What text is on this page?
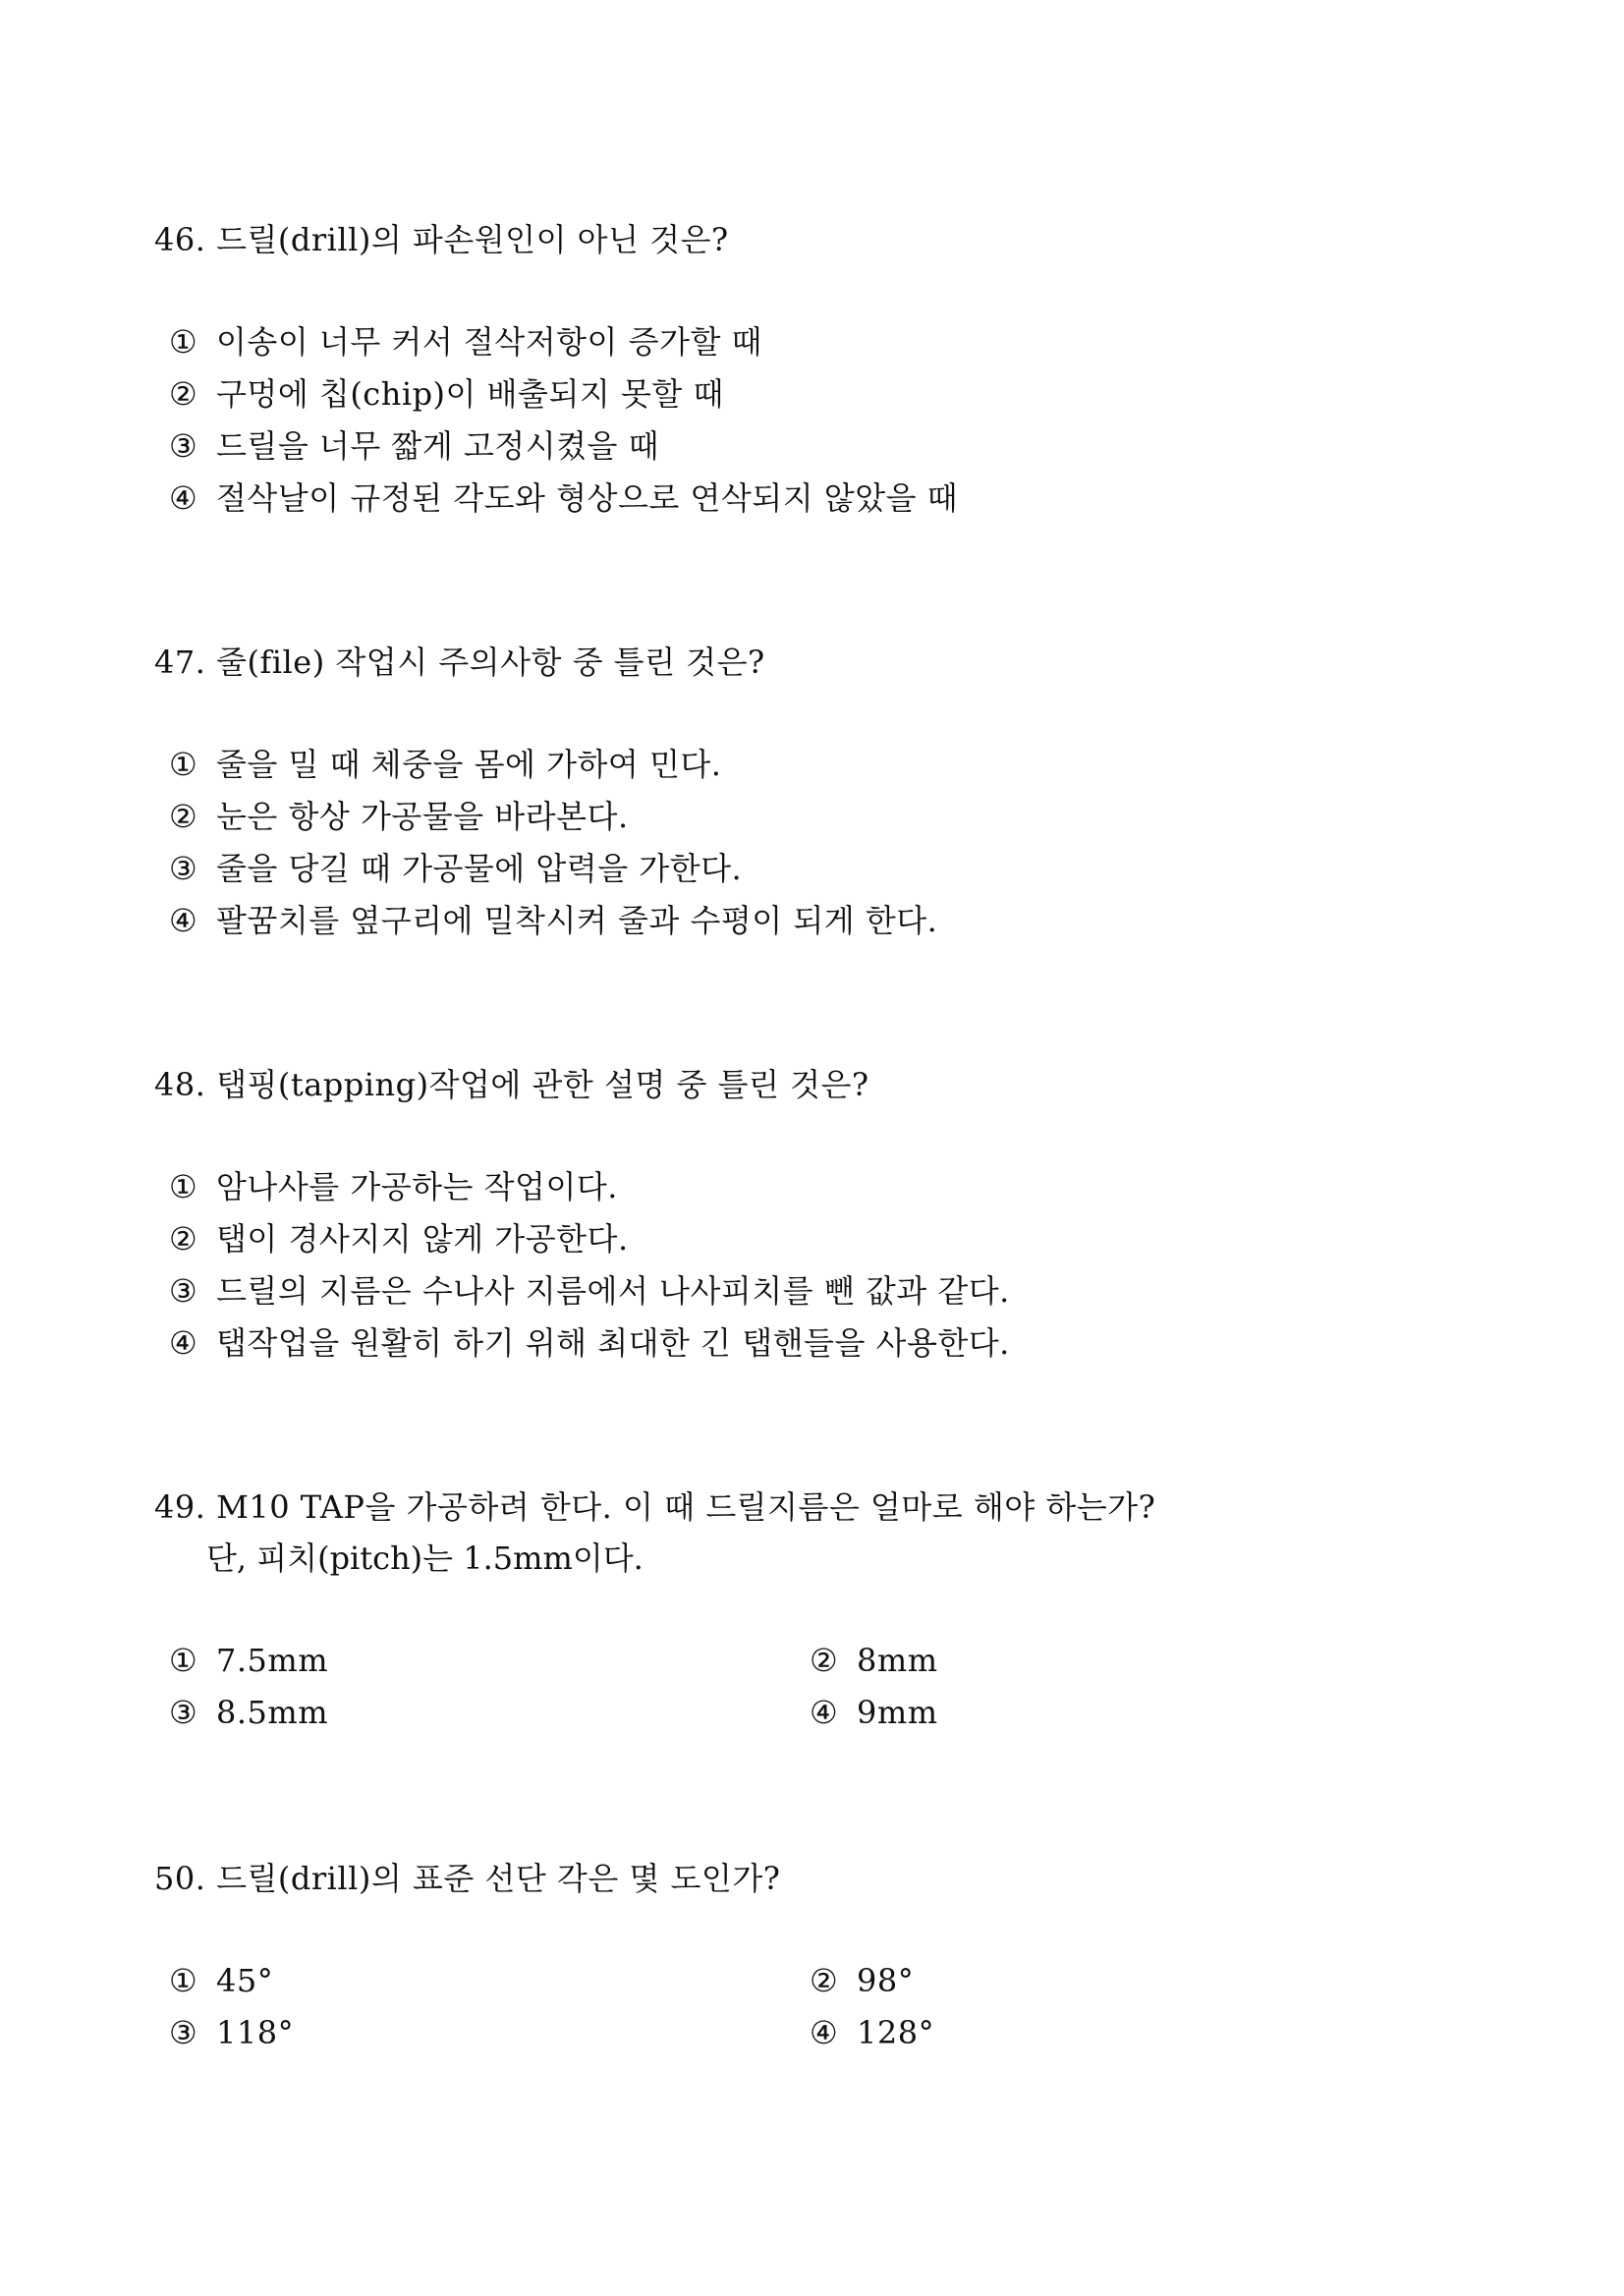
46. 드릴(drill)의 파손원인이 아닌 것은?
① 이송이 너무 커서 절삭저항이 증가할 때
② 구멍에 칩(chip)이 배출되지 못할 때
③ 드릴을 너무 짧게 고정시켰을 때
④ 절삭날이 규정된 각도와 형상으로 연삭되지 않았을 때
47. 줄(file) 작업시 주의사항 중 틀린 것은?
① 줄을 밀 때 체중을 몸에 가하여 민다.
② 눈은 항상 가공물을 바라본다.
③ 줄을 당길 때 가공물에 압력을 가한다.
④ 팔꿈치를 옆구리에 밀착시켜 줄과 수평이 되게 한다.
48. 탭핑(tapping)작업에 관한 설명 중 틀린 것은?
① 암나사를 가공하는 작업이다.
② 탭이 경사지지 않게 가공한다.
③ 드릴의 지름은 수나사 지름에서 나사피치를 뺀 값과 같다.
④ 탭작업을 원활히 하기 위해 최대한 긴 탭핸들을 사용한다.
49. M10 TAP을 가공하려 한다. 이 때 드릴지름은 얼마로 해야 하는가?
단, 피치(pitch)는 1.5mm이다.
① 7.5mm	② 8mm
③ 8.5mm	④ 9mm
50. 드릴(drill)의 표준 선단 각은 몇 도인가?
① 45°	② 98°
③ 118°	④ 128°
